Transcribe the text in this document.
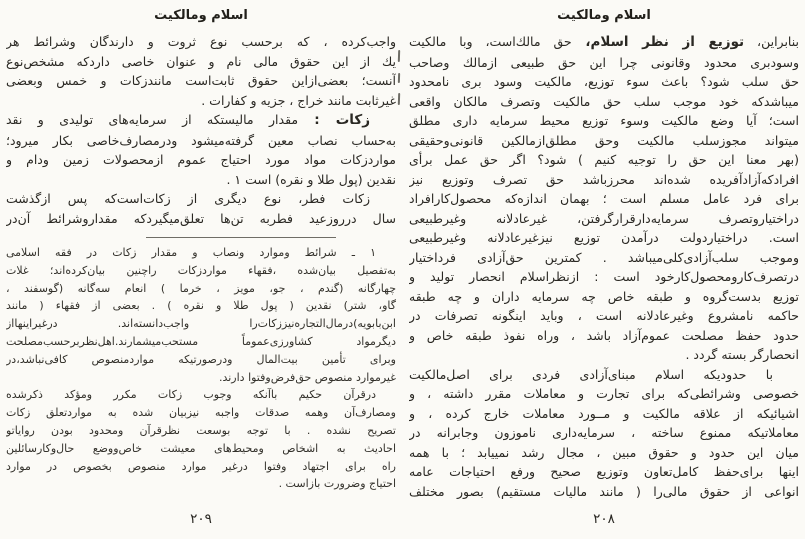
اسلام ومالكيت
بنابراين، توزيع از نظر اسلام، حق مالك‌است، وبا مالكيت
وسودبرى محدود وقانونى چرا اين حق طبيعى ازمالك وصاحب
حق سلب شود؟ باعث سوء توزيع، مالكيت وسود برى نامحدود
ميباشدكه خود موجب سلب حق مالكيت وتصرف مالكان واقعى
است؛ آيا وضع مالكيت وسوء توزيع محيط سرمايه دارى مطلق
ميتواند مجوزسلب مالكيت وحق مطلق‌ازمالكين قانونى‌وحقيقى
(بهر معنا اين حق را توجيه كنيم ) شود؟ اگر حق عمل برأى
افرادكه‌آزادآفريده شده‌اند محرزباشد حق تصرف وتوزيع نيز
براى فرد عامل مسلم است ؛ بهمان اندازه‌كه محصول‌كارافراد
دراختياروتصرف سرمايه‌دارقرارگرفتن، غيرعادلانه وغيرطبيعى
است. دراختياردولت درآمدن توزيع نيزغيرعادلانه وغيرطبيعى
وموجب سلب‌آزادى‌كلى‌ميباشد . كمترين حق‌آزادى فرداختيار
درتصرف‌كارومحصول‌كارخود است : ازنظراسلام انحصار توليد و
توزيع بدست‌گروه و طبقه خاص چه سرمايه داران و چه طبقه
حاكمه نامشروع وغيرعادلانه است ، وبايد اينگونه تصرفات در
حدود حفظ مصلحت عموم‌آزاد باشد ، وراه نفوذ طبقه خاص و
انحصارگر بسته گردد .
با حدوديكه اسلام مبناى‌آزادى فردى براى اصل‌مالكيت
خصوصى وشرائطى‌كه براى تجارت و معاملات مقرر داشته ، و
اشيائيكه از علاقه مالكيت و مــورد معاملات خارج كرده ، و
معاملاتيكه ممنوع ساخته ، سرمايه‌دارى ناموزون وجابرانه در
ميان اين حدود و حقوق مبين ، مجال رشد نمييابد ؛ با همه
اينها براى‌حفظ كامل‌تعاون وتوزيع صحيح ورفع احتياجات عامه
انواعى از حقوق مالى‌را ( مانند ماليات مستقيم) بصور مختلف
٢٠٨
اسلام ومالكيت
واجب‌كرده ، كه برحسب نوع ثروت و دارندگان وشرائط هر
يك از اين حقوق مالى نام و عنوان خاصى داردكه مشخص‌نوع
آنست؛ بعضى‌ازاين حقوق ثابت‌است مانندزكات و خمس وبعضى
غيرثابت مانند خراج ، جزيه و كفارات .
زكات : مقدار ماليستكه از سرمايه‌هاى توليدى و نقد
به‌حساب نصاب معين گرفته‌ميشود ودرمصارف‌خاصى بكار ميرود؛
مواردزكات مواد مورد احتياج عموم ازمحصولات زمين ودام و
نقدين (پول طلا و نقره) است ۱ .
زكات فطر، نوع ديگرى از زكات‌است‌كه پس ازگذشت
سال درروزعيد فطربه تن‌ها تعلق‌ميگيردكه مقداروشرائط آن‌در
۱ ـ شرائط وموارد ونصاب و مقدار زكات در فقه اسلامى
به‌تفصيل بيان‌شده ،فقهاء مواردزكات راچنين بيان‌كرده‌اند؛ غلات
چهارگانه (گندم ، جو، مويز ، خرما ) انعام سه‌گانه (گوسفند ،
گاو، شتر) نقدين ( پول طلا و نقره ) . بعضى از فقهاء ( مانند
ابن‌بابويه)درمال‌التجاره‌نيززكات‌را واجب‌دانسته‌اند. درغيراينهااز
ديگرمواد كشاورزى‌عموماً مستحب‌ميشمارند.اهل‌نظربرحسب‌مصلحت
وبراى تأمين بيت‌المال ودرصورتيكه مواردمنصوص كافى‌نباشد،در
غيرموارد منصوص حق‌فرض‌وفتوا دارند.
درقرآن حكيم باآنكه وجوب زكات مكرر ومؤكد ذكرشده
ومصارف‌آن وهمه صدقات واجبه نيزبيان شده به مواردتعلق زكات
تصريح نشده . با توجه بوسعت نظرقرآن ومحدود بودن رواياتو
احاديث به اشخاص ومحيط‌هاى معيشت خاص‌ووضع حال‌وكارسائلين
راه براى اجتهاد وفتوا درغير موارد منصوص بخصوص در موارد
احتياج وضرورت بازاست .
٢٠٩
